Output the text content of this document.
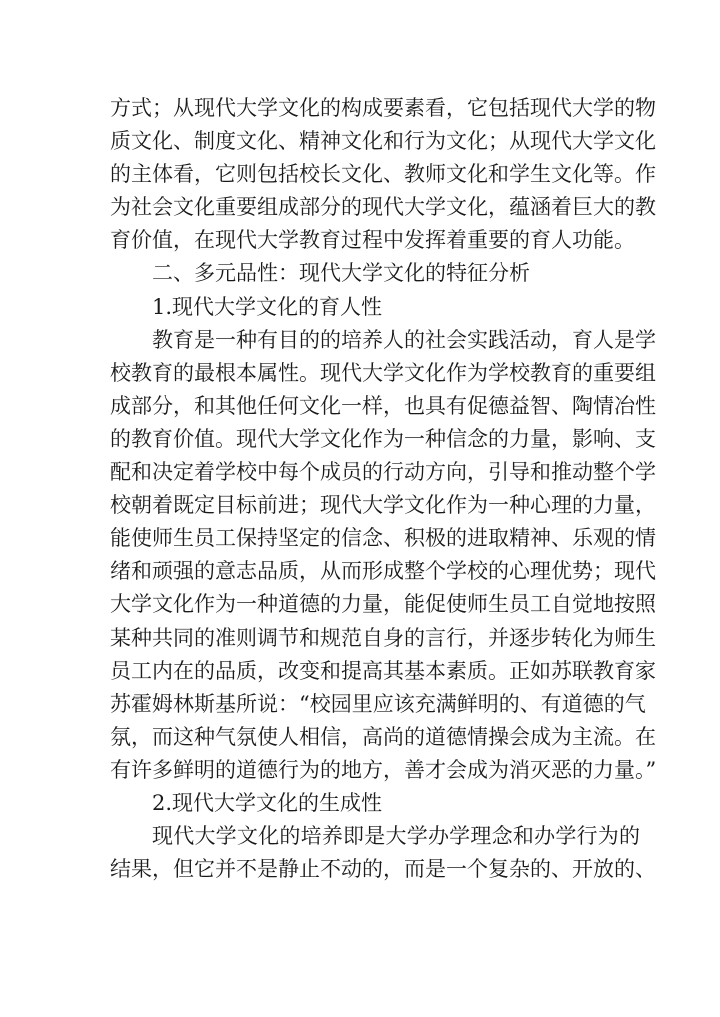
方式；从现代大学文化的构成要素看，它包括现代大学的物
质文化、制度文化、精神文化和行为文化；从现代大学文化
的主体看，它则包括校长文化、教师文化和学生文化等。作
为社会文化重要组成部分的现代大学文化，蕴涵着巨大的教
育价值，在现代大学教育过程中发挥着重要的育人功能。
二、多元品性：现代大学文化的特征分析
1.现代大学文化的育人性
教育是一种有目的的培养人的社会实践活动，育人是学
校教育的最根本属性。现代大学文化作为学校教育的重要组
成部分，和其他任何文化一样，也具有促德益智、陶情冶性
的教育价值。现代大学文化作为一种信念的力量，影响、支
配和决定着学校中每个成员的行动方向，引导和推动整个学
校朝着既定目标前进；现代大学文化作为一种心理的力量，
能使师生员工保持坚定的信念、积极的进取精神、乐观的情
绪和顽强的意志品质，从而形成整个学校的心理优势；现代
大学文化作为一种道德的力量，能促使师生员工自觉地按照
某种共同的准则调节和规范自身的言行，并逐步转化为师生
员工内在的品质，改变和提高其基本素质。正如苏联教育家
苏霍姆林斯基所说：“校园里应该充满鲜明的、有道德的气
氛，而这种气氛使人相信，高尚的道德情操会成为主流。在
有许多鲜明的道德行为的地方，善才会成为消灭恶的力量。”
2.现代大学文化的生成性
现代大学文化的培养即是大学办学理念和办学行为的
结果，但它并不是静止不动的，而是一个复杂的、开放的、
